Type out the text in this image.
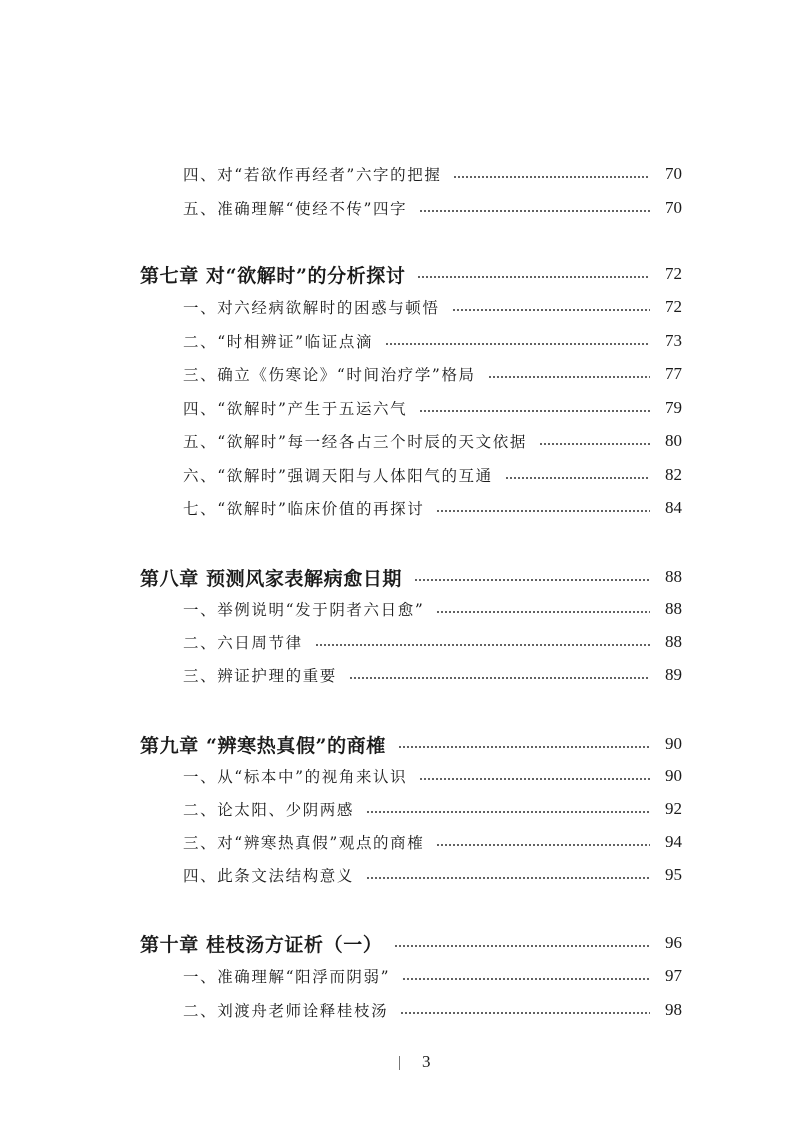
四、对“若欲作再经者”六字的把握	70
五、准确理解“使经不传”四字	70
第七章 对“欲解时”的分析探讨	72
一、对六经病欲解时的困惑与顿悟	72
二、“时相辨证”临证点滴	73
三、确立《伤寒论》“时间治疗学”格局	77
四、“欲解时”产生于五运六气	79
五、“欲解时”每一经各占三个时辰的天文依据	80
六、“欲解时”强调天阳与人体阳气的互通	82
七、“欲解时”临床价值的再探讨	84
第八章 预测风家表解病愈日期	88
一、举例说明“发于阴者六日愈”	88
二、六日周节律	88
三、辨证护理的重要	89
第九章 “辨寒热真假”的商榷	90
一、从“标本中”的视角来认识	90
二、论太阳、少阴两感	92
三、对“辨寒热真假”观点的商榷	94
四、此条文法结构意义	95
第十章 桂枝汤方证析（一）	96
一、准确理解“阳浮而阴弱”	97
二、刘渡舟老师诠释桂枝汤	98
3
